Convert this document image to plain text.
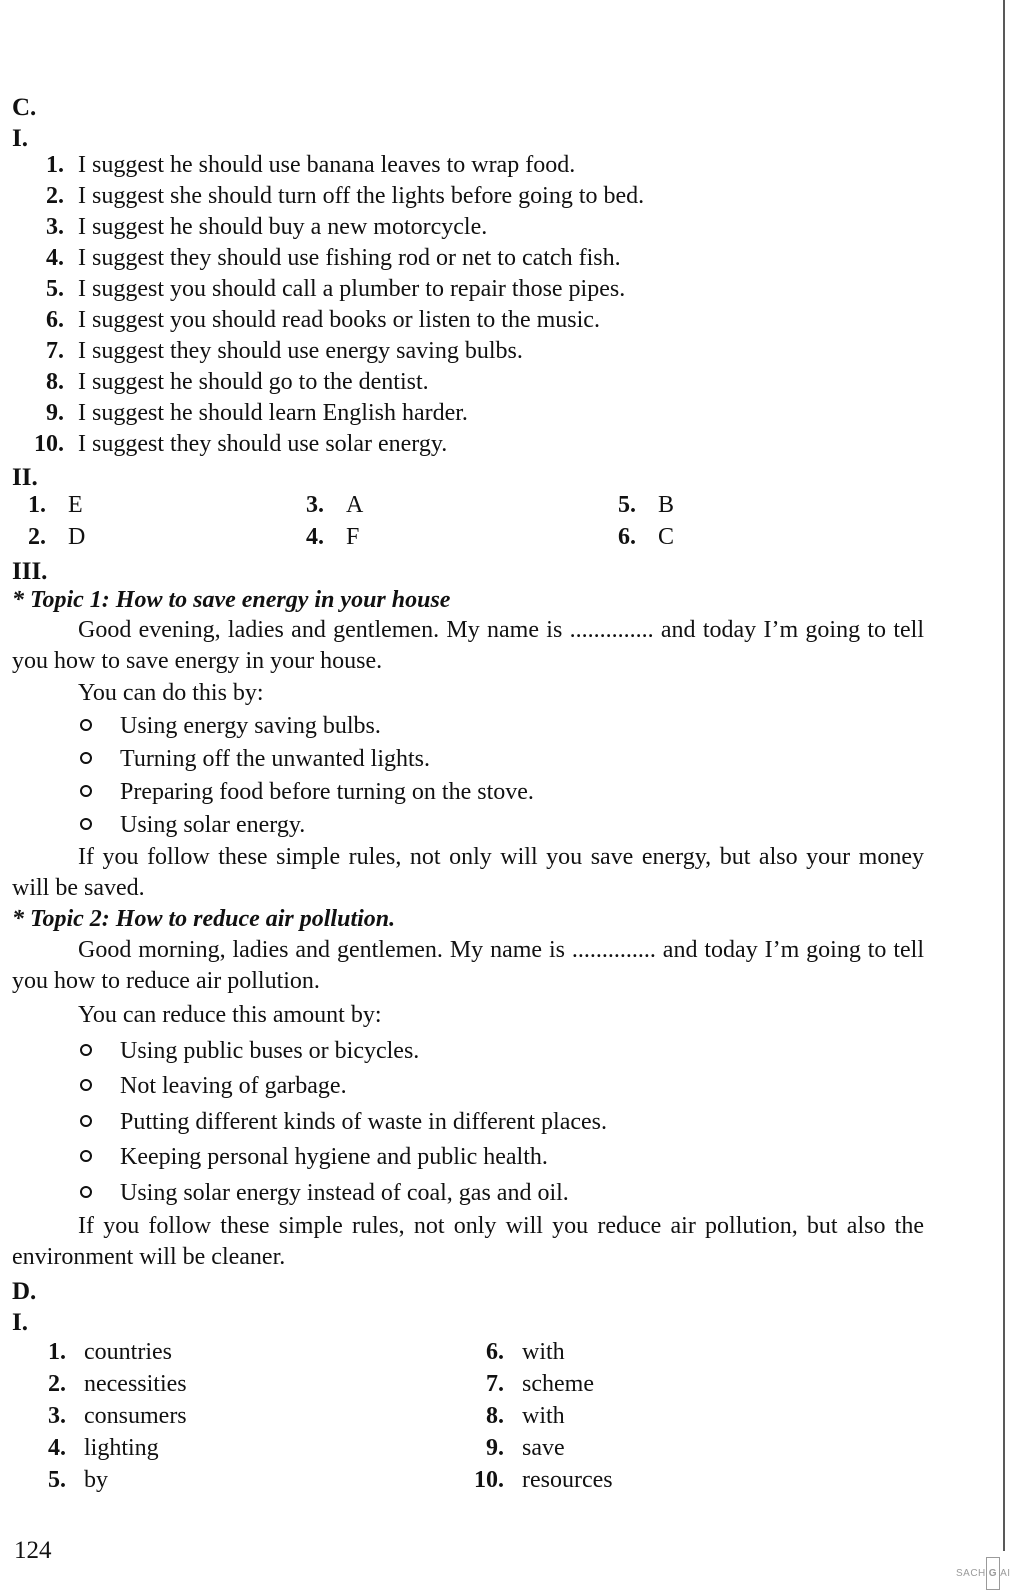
C.
I.
1. I suggest he should use banana leaves to wrap food.
2. I suggest she should turn off the lights before going to bed.
3. I suggest he should buy a new motorcycle.
4. I suggest they should use fishing rod or net to catch fish.
5. I suggest you should call a plumber to repair those pipes.
6. I suggest you should read books or listen to the music.
7. I suggest they should use energy saving bulbs.
8. I suggest he should go to the dentist.
9. I suggest he should learn English harder.
10. I suggest they should use solar energy.
II.
1. E
2. D
3. A
4. F
5. B
6. C
III.
* Topic 1: How to save energy in your house
Good evening, ladies and gentlemen. My name is .............. and today I’m going to tell you how to save energy in your house.
You can do this by:
Using energy saving bulbs.
Turning off the unwanted lights.
Preparing food before turning on the stove.
Using solar energy.
If you follow these simple rules, not only will you save energy, but also your money will be saved.
* Topic 2: How to reduce air pollution.
Good morning, ladies and gentlemen. My name is .............. and today I’m going to tell you how to reduce air pollution.
You can reduce this amount by:
Using public buses or bicycles.
Not leaving of garbage.
Putting different kinds of waste in different places.
Keeping personal hygiene and public health.
Using solar energy instead of coal, gas and oil.
If you follow these simple rules, not only will you reduce air pollution, but also the environment will be cleaner.
D.
I.
1. countries
2. necessities
3. consumers
4. lighting
5. by
6. with
7. scheme
8. with
9. save
10. resources
124
SACH G AI
